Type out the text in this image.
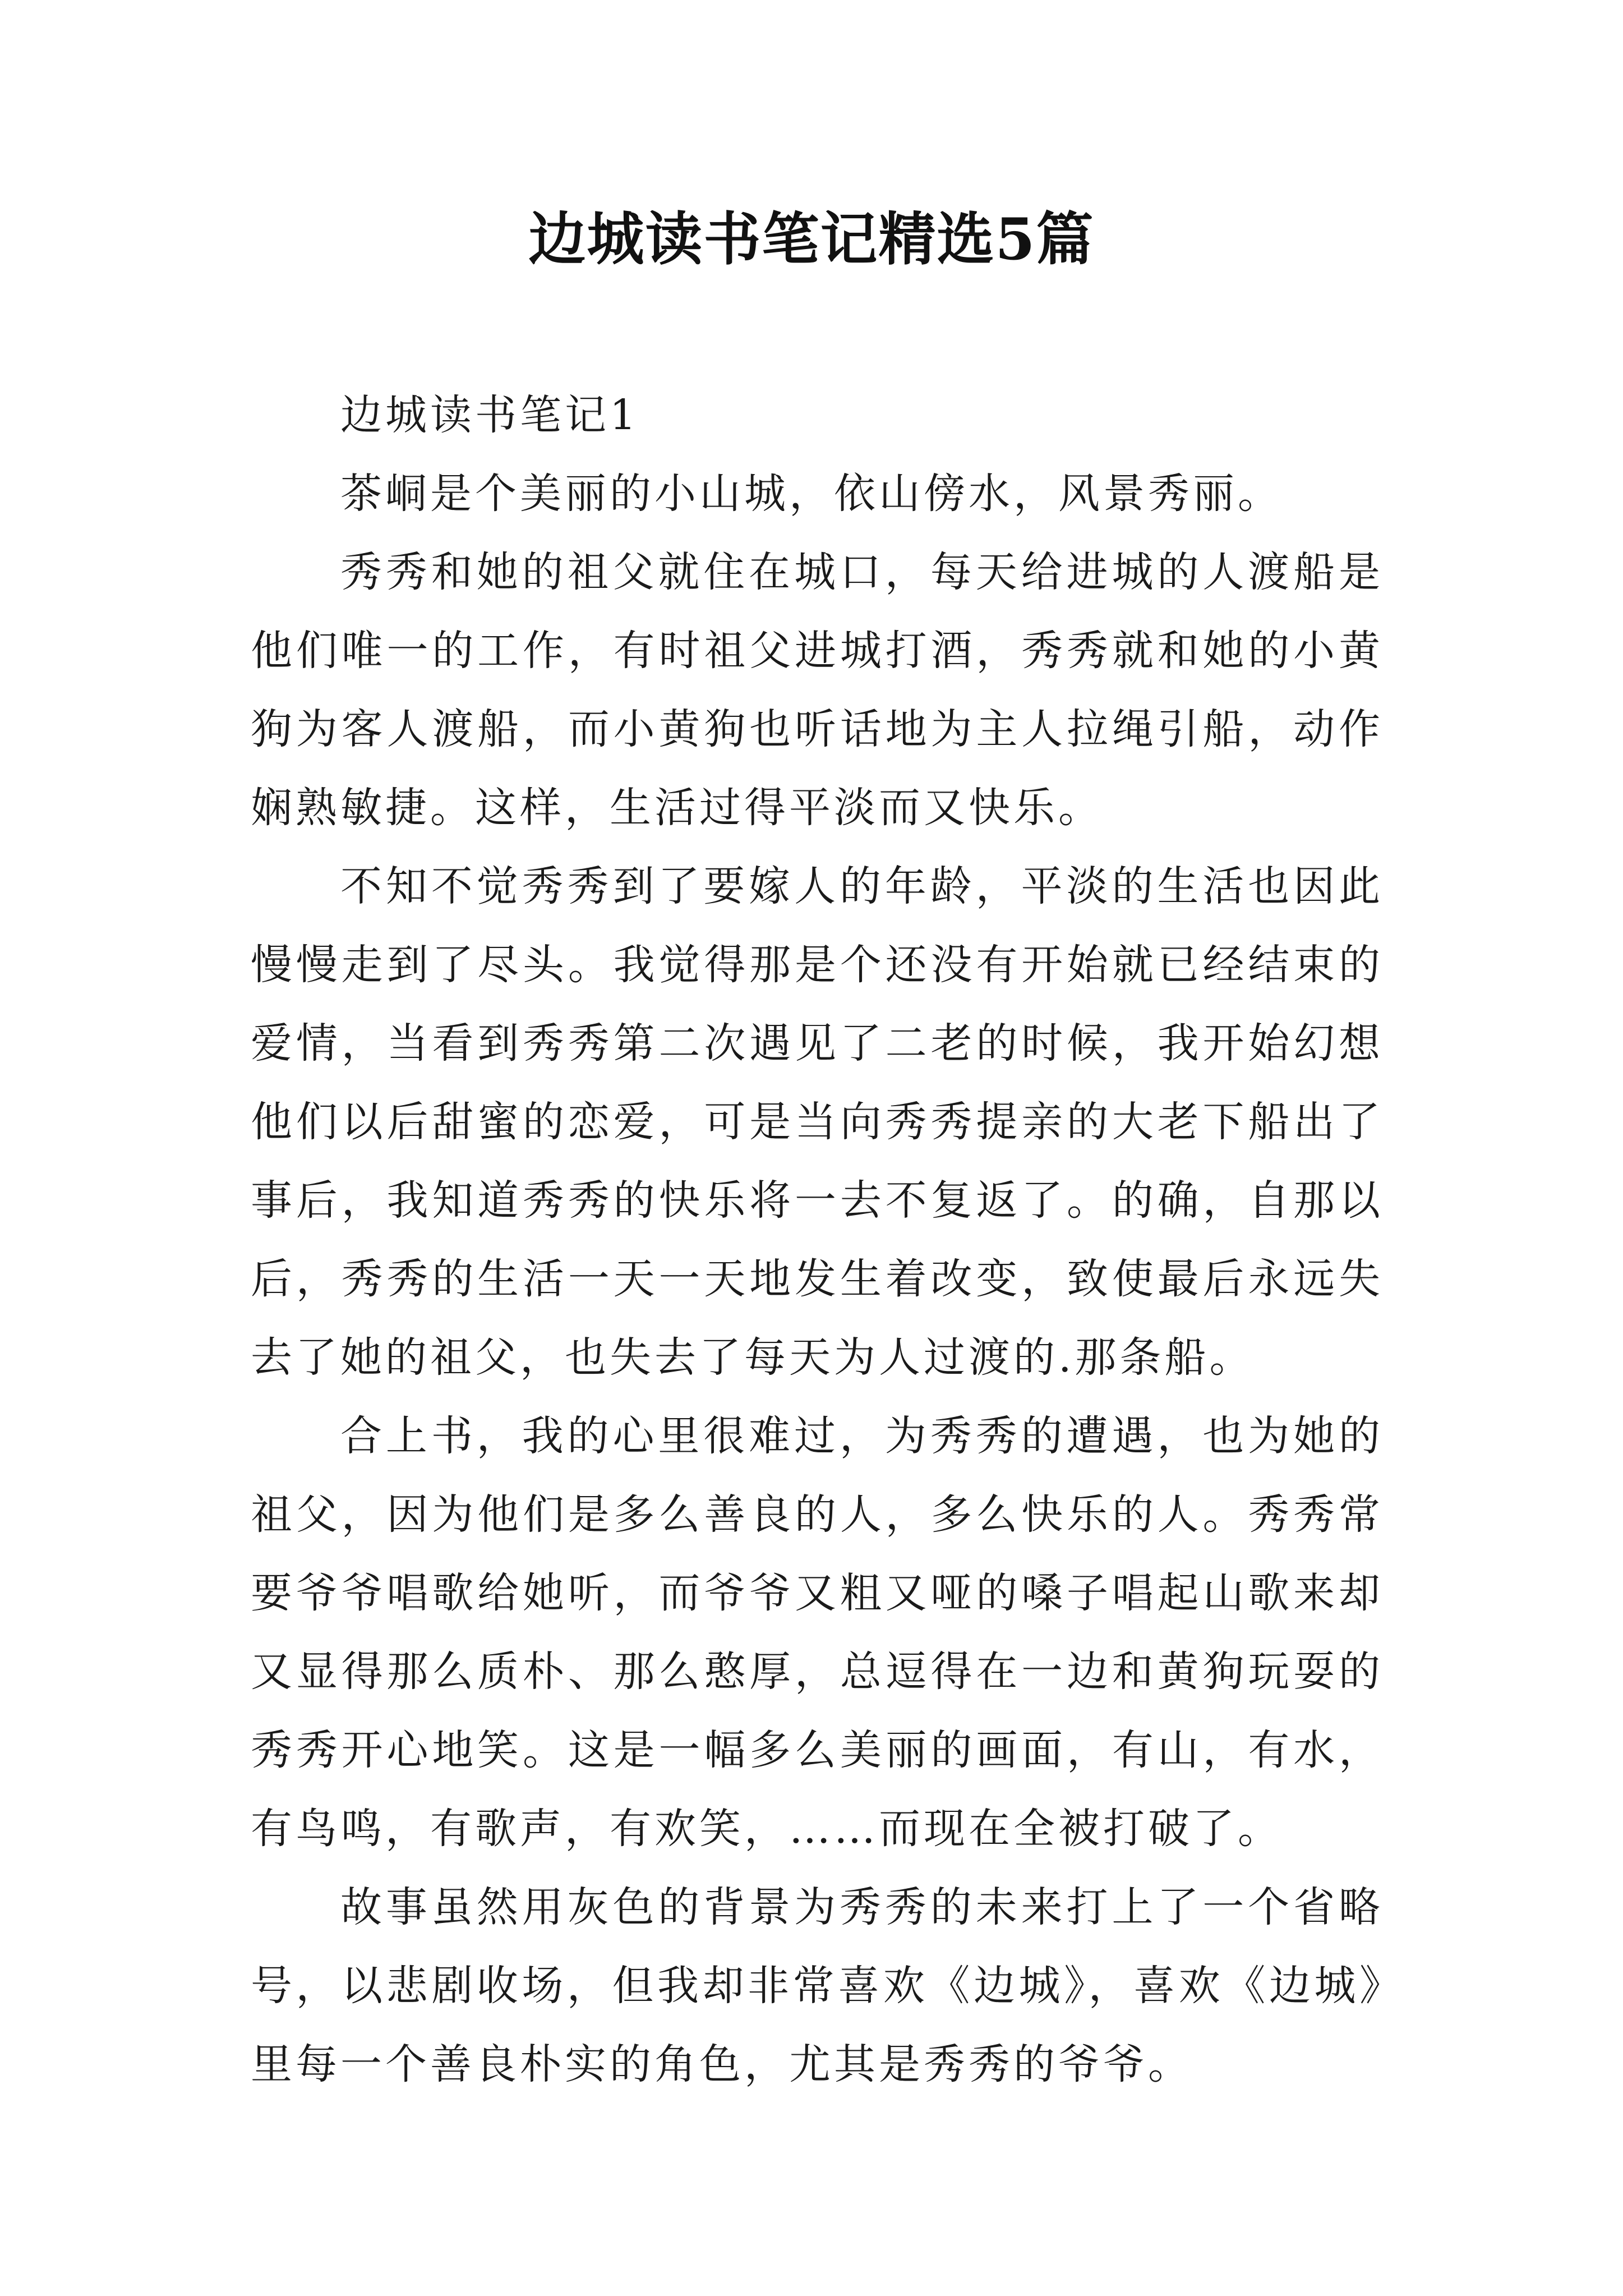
边城读书笔记精选5篇

边城读书笔记1

茶峒是个美丽的小山城，依山傍水，风景秀丽。

秀秀和她的祖父就住在城口，每天给进城的人渡船是他们唯一的工作，有时祖父进城打酒，秀秀就和她的小黄狗为客人渡船，而小黄狗也听话地为主人拉绳引船，动作娴熟敏捷。这样，生活过得平淡而又快乐。

不知不觉秀秀到了要嫁人的年龄，平淡的生活也因此慢慢走到了尽头。我觉得那是个还没有开始就已经结束的爱情，当看到秀秀第二次遇见了二老的时候，我开始幻想他们以后甜蜜的恋爱，可是当向秀秀提亲的大老下船出了事后，我知道秀秀的快乐将一去不复返了。的确，自那以后，秀秀的生活一天一天地发生着改变，致使最后永远失去了她的祖父，也失去了每天为人过渡的.那条船。

合上书，我的心里很难过，为秀秀的遭遇，也为她的祖父，因为他们是多么善良的人，多么快乐的人。秀秀常要爷爷唱歌给她听，而爷爷又粗又哑的嗓子唱起山歌来却又显得那么质朴、那么憨厚，总逗得在一边和黄狗玩耍的秀秀开心地笑。这是一幅多么美丽的画面，有山，有水，有鸟鸣，有歌声，有欢笑，……而现在全被打破了。

故事虽然用灰色的背景为秀秀的未来打上了一个省略号，以悲剧收场，但我却非常喜欢《边城》，喜欢《边城》里每一个善良朴实的角色，尤其是秀秀的爷爷。
